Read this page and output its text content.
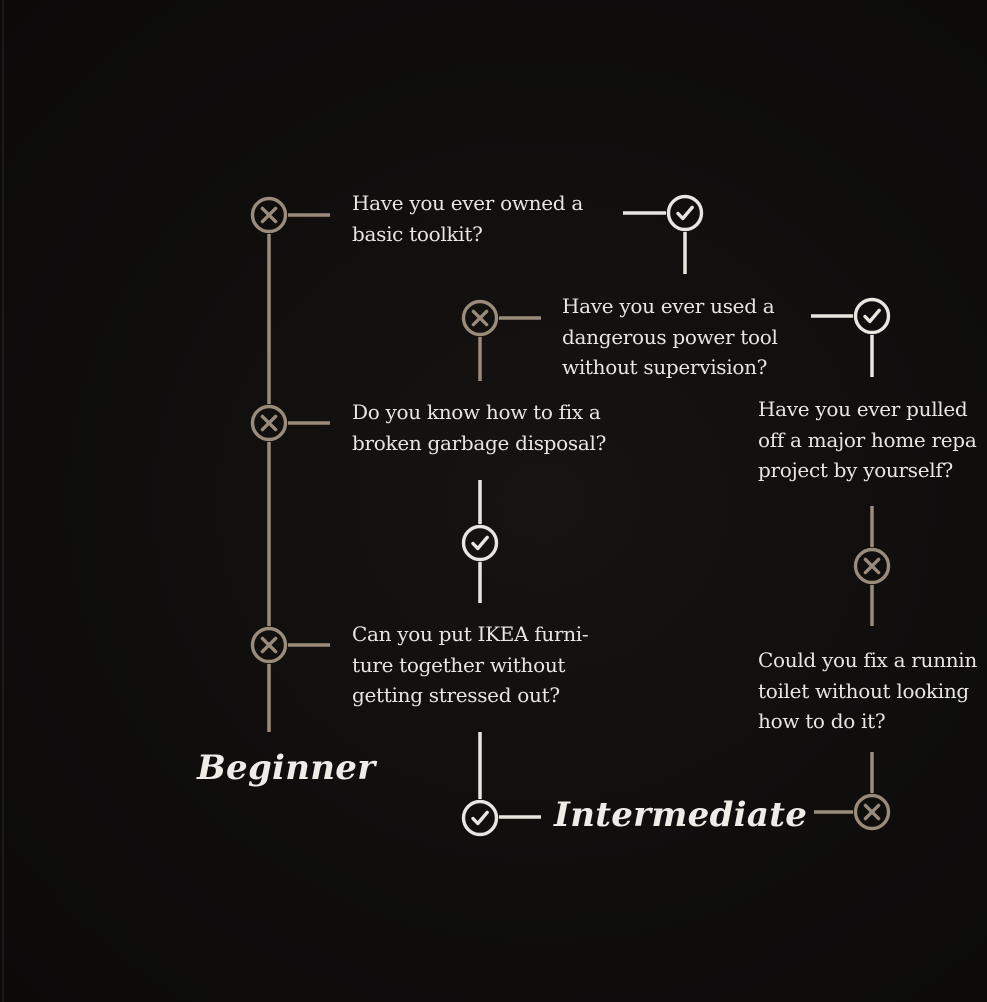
Have you ever owned a
basic toolkit?

Have you ever used a
dangerous power tool
without supervision?

Do you know how to fix a
broken garbage disposal?

Have you ever pulled
off a major home repa
project by yourself?

Can you put IKEA furni-
ture together without
getting stressed out?

Could you fix a runnin
toilet without looking
how to do it?

Beginner

Intermediate
